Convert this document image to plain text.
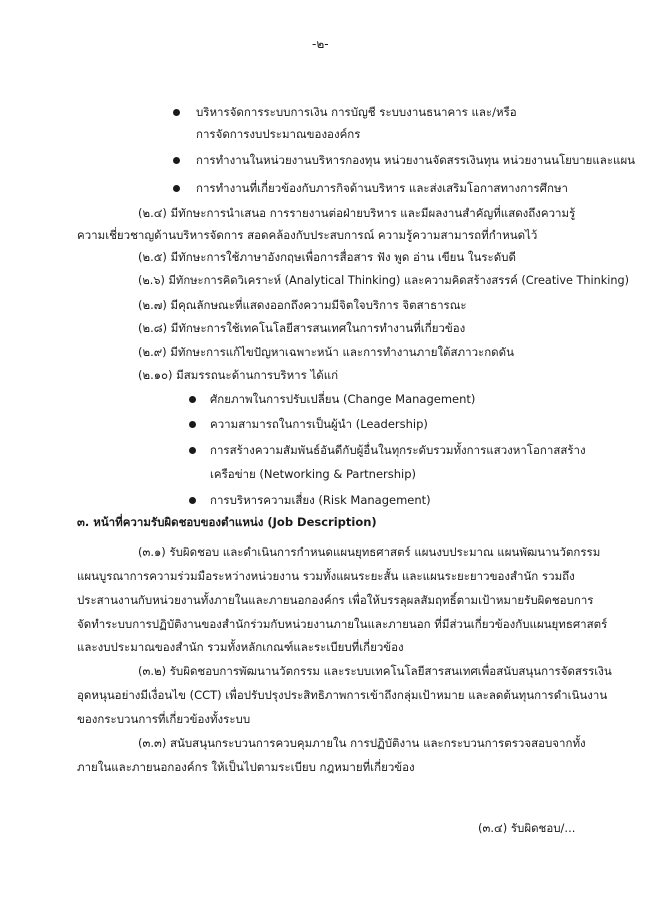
-๒-
บริหารจัดการระบบการเงิน การบัญชี ระบบงานธนาคาร และ/หรือ
การจัดการงบประมาณขององค์กร
การทำงานในหน่วยงานบริหารกองทุน หน่วยงานจัดสรรเงินทุน หน่วยงานนโยบายและแผน
การทำงานที่เกี่ยวข้องกับภารกิจด้านบริหาร และส่งเสริมโอกาสทางการศึกษา
(๒.๔) มีทักษะการนำเสนอ การรายงานต่อฝ่ายบริหาร และมีผลงานสำคัญที่แสดงถึงความรู้
ความเชี่ยวชาญด้านบริหารจัดการ สอดคล้องกับประสบการณ์ ความรู้ความสามารถที่กำหนดไว้
(๒.๕) มีทักษะการใช้ภาษาอังกฤษเพื่อการสื่อสาร ฟัง พูด อ่าน เขียน ในระดับดี
(๒.๖) มีทักษะการคิดวิเคราะห์ (Analytical Thinking) และความคิดสร้างสรรค์ (Creative Thinking)
(๒.๗) มีคุณลักษณะที่แสดงออกถึงความมีจิตใจบริการ จิตสาธารณะ
(๒.๘) มีทักษะการใช้เทคโนโลยีสารสนเทศในการทำงานที่เกี่ยวข้อง
(๒.๙) มีทักษะการแก้ไขปัญหาเฉพาะหน้า และการทำงานภายใต้สภาวะกดดัน
(๒.๑๐) มีสมรรถนะด้านการบริหาร ได้แก่
ศักยภาพในการปรับเปลี่ยน (Change Management)
ความสามารถในการเป็นผู้นำ (Leadership)
การสร้างความสัมพันธ์อันดีกับผู้อื่นในทุกระดับรวมทั้งการแสวงหาโอกาสสร้าง
เครือข่าย (Networking & Partnership)
การบริหารความเสี่ยง (Risk Management)
๓. หน้าที่ความรับผิดชอบของตำแหน่ง (Job Description)
(๓.๑) รับผิดชอบ และดำเนินการกำหนดแผนยุทธศาสตร์ แผนงบประมาณ แผนพัฒนานวัตกรรม
แผนบูรณาการความร่วมมือระหว่างหน่วยงาน รวมทั้งแผนระยะสั้น และแผนระยะยาวของสำนัก รวมถึง
ประสานงานกับหน่วยงานทั้งภายในและภายนอกองค์กร เพื่อให้บรรลุผลสัมฤทธิ์ตามเป้าหมายรับผิดชอบการ
จัดทำระบบการปฏิบัติงานของสำนักร่วมกับหน่วยงานภายในและภายนอก ที่มีส่วนเกี่ยวข้องกับแผนยุทธศาสตร์
และงบประมาณของสำนัก รวมทั้งหลักเกณฑ์และระเบียบที่เกี่ยวข้อง
(๓.๒) รับผิดชอบการพัฒนานวัตกรรม และระบบเทคโนโลยีสารสนเทศเพื่อสนับสนุนการจัดสรรเงิน
อุดหนุนอย่างมีเงื่อนไข (CCT) เพื่อปรับปรุงประสิทธิภาพการเข้าถึงกลุ่มเป้าหมาย และลดต้นทุนการดำเนินงาน
ของกระบวนการที่เกี่ยวข้องทั้งระบบ
(๓.๓) สนับสนุนกระบวนการควบคุมภายใน การปฏิบัติงาน และกระบวนการตรวจสอบจากทั้ง
ภายในและภายนอกองค์กร ให้เป็นไปตามระเบียบ กฎหมายที่เกี่ยวข้อง
(๓.๔) รับผิดชอบ/...
